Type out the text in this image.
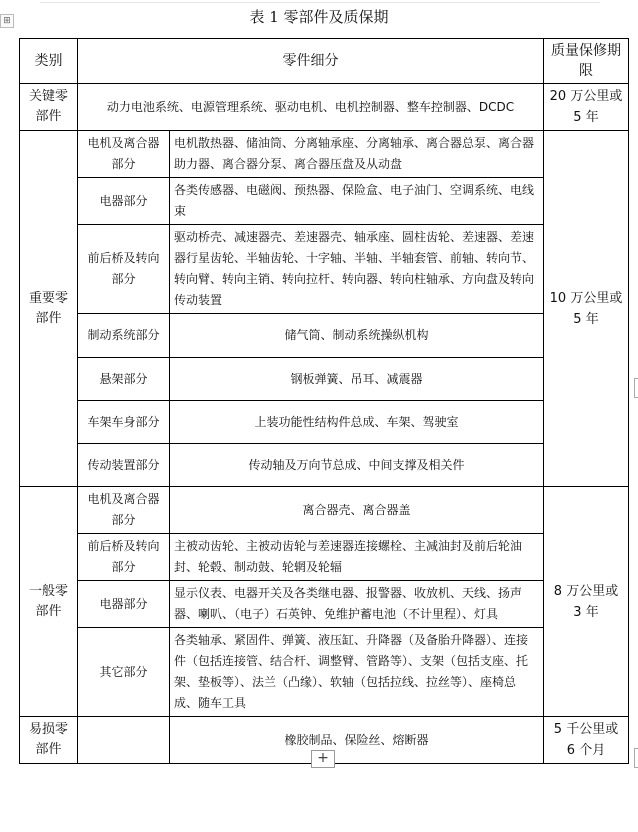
⊞	表 1 零部件及质保期
类别	零件细分		质量保修期限
关键零部件	动力电池系统、电源管理系统、驱动电机、电机控制器、整车控制器、DCDC		20 万公里或 5 年
重要零部件	电机及离合器部分	电机散热器、储油筒、分离轴承座、分离轴承、离合器总泵、离合器助力器、离合器分泵、离合器压盘及从动盘	10 万公里或 5 年
	电器部分	各类传感器、电磁阀、预热器、保险盒、电子油门、空调系统、电线束	
	前后桥及转向部分	驱动桥壳、减速器壳、差速器壳、轴承座、圆柱齿轮、差速器、差速器行星齿轮、半轴齿轮、十字轴、半轴、半轴套管、前轴、转向节、转向臂、转向主销、转向拉杆、转向器、转向柱轴承、方向盘及转向传动装置	
	制动系统部分	储气筒、制动系统操纵机构	
	悬架部分	钢板弹簧、吊耳、减震器	
	车架车身部分	上装功能性结构件总成、车架、驾驶室	
	传动装置部分	传动轴及万向节总成、中间支撑及相关件	
一般零部件	电机及离合器部分	离合器壳、离合器盖	8 万公里或 3 年
	前后桥及转向部分	主被动齿轮、主被动齿轮与差速器连接螺栓、主减油封及前后轮油封、轮毂、制动鼓、轮辋及轮辐	
	电器部分	显示仪表、电器开关及各类继电器、报警器、收放机、天线、扬声器、喇叭、（电子）石英钟、免维护蓄电池（不计里程）、灯具	
	其它部分	各类轴承、紧固件、弹簧、液压缸、升降器（及备胎升降器）、连接件（包括连接管、结合杆、调整臂、管路等）、支架（包括支座、托架、垫板等）、法兰（凸缘）、软轴（包括拉线、拉丝等）、座椅总成、随车工具	
易损零部件		橡胶制品、保险丝、熔断器	5 千公里或 6 个月
+
